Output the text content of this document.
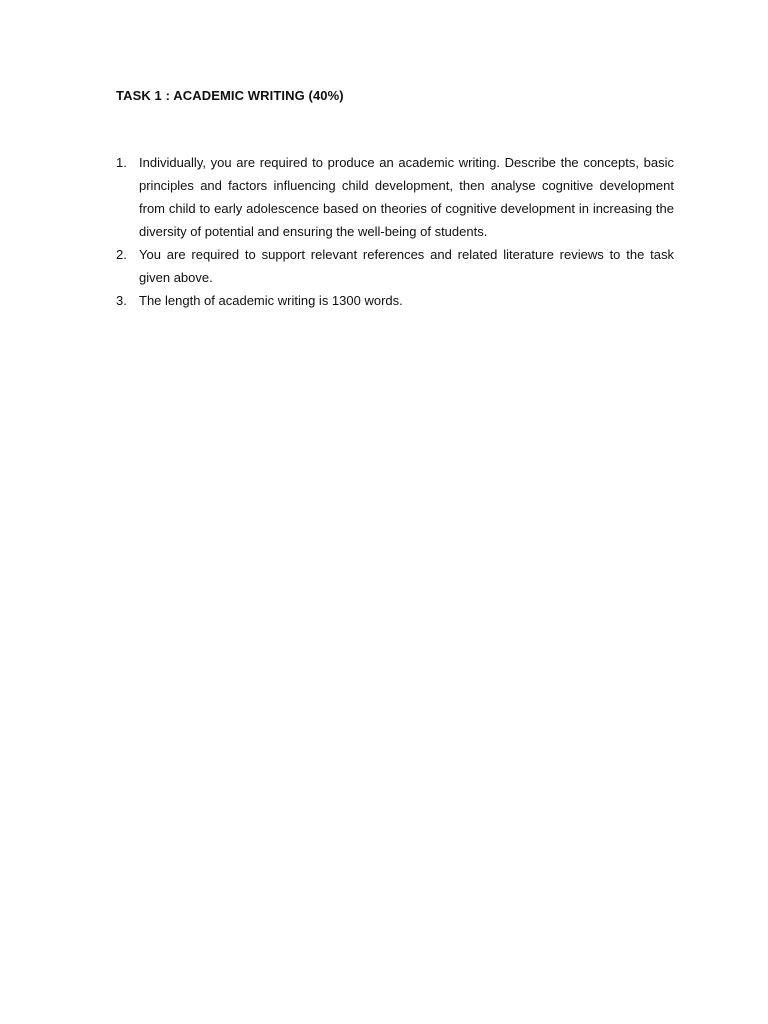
TASK 1 : ACADEMIC WRITING (40%)
1. Individually, you are required to produce an academic writing. Describe the concepts, basic principles and factors influencing child development, then analyse cognitive development from child to early adolescence based on theories of cognitive development in increasing the diversity of potential and ensuring the well-being of students.
2. You are required to support relevant references and related literature reviews to the task given above.
3. The length of academic writing is 1300 words.
